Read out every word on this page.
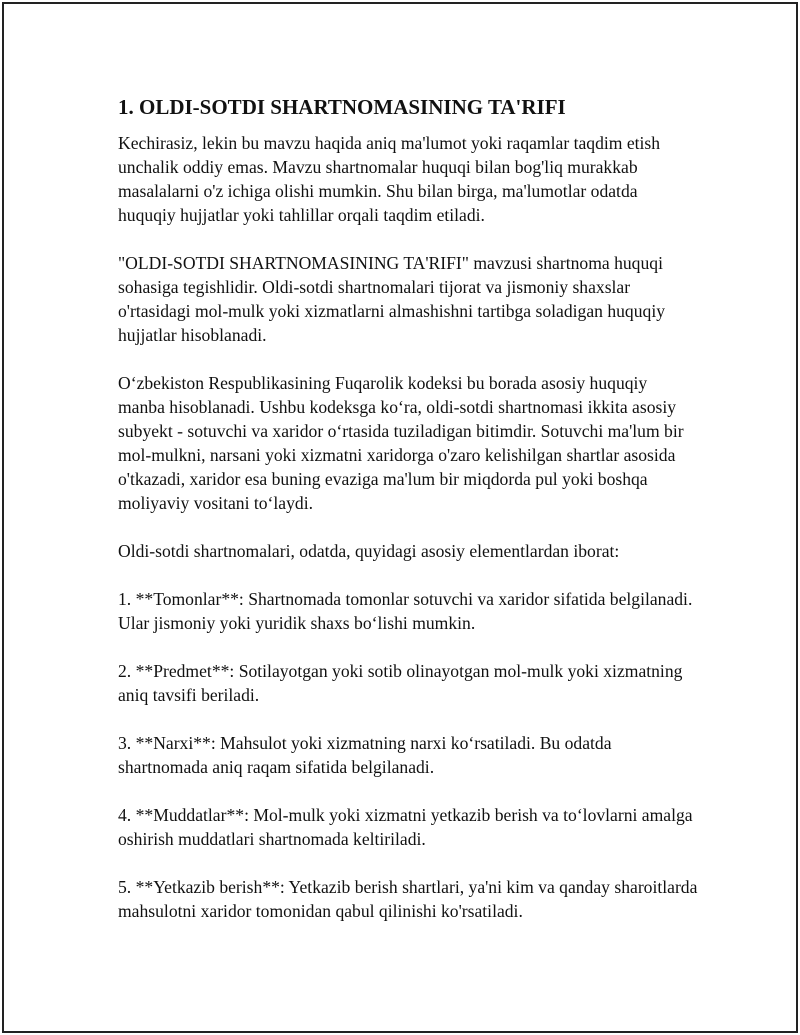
1. OLDI-SOTDI SHARTNOMASINING TA'RIFI

Kechirasiz, lekin bu mavzu haqida aniq ma'lumot yoki raqamlar taqdim etish unchalik oddiy emas. Mavzu shartnomalar huquqi bilan bog'liq murakkab masalalarni o'z ichiga olishi mumkin. Shu bilan birga, ma'lumotlar odatda huquqiy hujjatlar yoki tahlillar orqali taqdim etiladi.

"OLDI-SOTDI SHARTNOMASINING TA'RIFI" mavzusi shartnoma huquqi sohasiga tegishlidir. Oldi-sotdi shartnomalari tijorat va jismoniy shaxslar o'rtasidagi mol-mulk yoki xizmatlarni almashishni tartibga soladigan huquqiy hujjatlar hisoblanadi.

O‘zbekiston Respublikasining Fuqarolik kodeksi bu borada asosiy huquqiy manba hisoblanadi. Ushbu kodeksga ko‘ra, oldi-sotdi shartnomasi ikkita asosiy subyekt - sotuvchi va xaridor o‘rtasida tuziladigan bitimdir. Sotuvchi ma'lum bir mol-mulkni, narsani yoki xizmatni xaridorga o'zaro kelishilgan shartlar asosida o'tkazadi, xaridor esa buning evaziga ma'lum bir miqdorda pul yoki boshqa moliyaviy vositani to‘laydi.

Oldi-sotdi shartnomalari, odatda, quyidagi asosiy elementlardan iborat:

1. **Tomonlar**: Shartnomada tomonlar sotuvchi va xaridor sifatida belgilanadi. Ular jismoniy yoki yuridik shaxs bo‘lishi mumkin.

2. **Predmet**: Sotilayotgan yoki sotib olinayotgan mol-mulk yoki xizmatning aniq tavsifi beriladi.

3. **Narxi**: Mahsulot yoki xizmatning narxi ko‘rsatiladi. Bu odatda shartnomada aniq raqam sifatida belgilanadi.

4. **Muddatlar**: Mol-mulk yoki xizmatni yetkazib berish va to‘lovlarni amalga oshirish muddatlari shartnomada keltiriladi.

5. **Yetkazib berish**: Yetkazib berish shartlari, ya'ni kim va qanday sharoitlarda mahsulotni xaridor tomonidan qabul qilinishi ko'rsatiladi.
